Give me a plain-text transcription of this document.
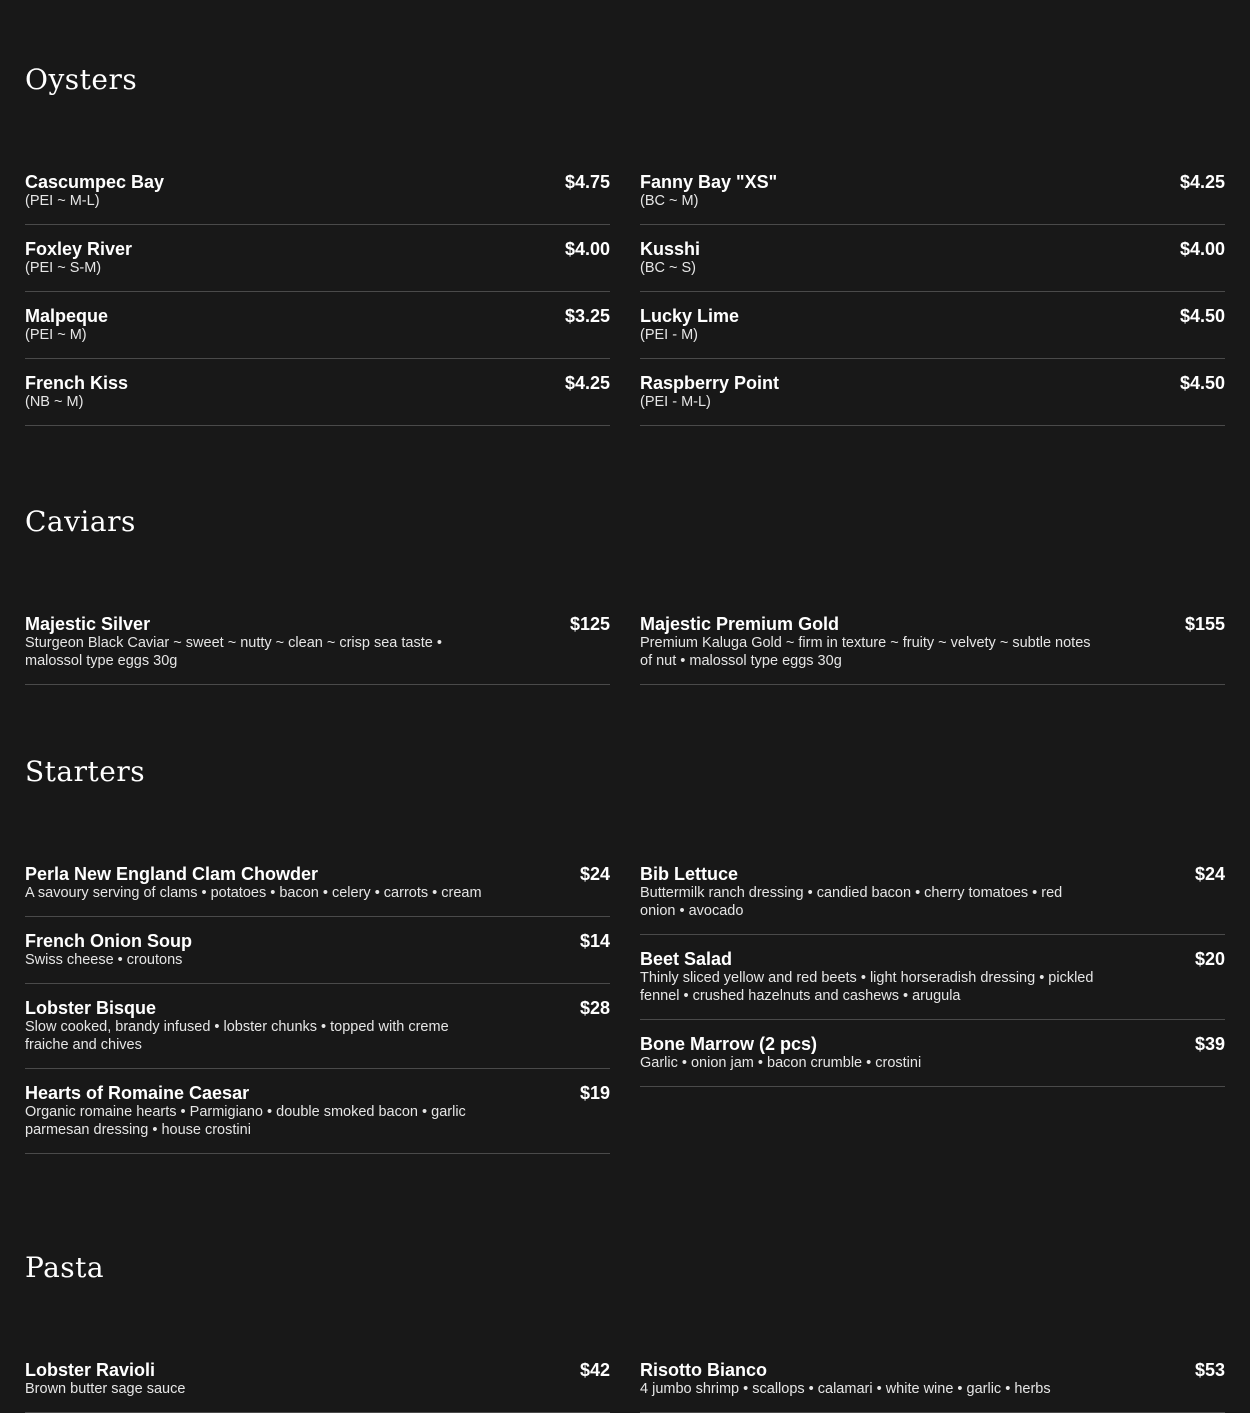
Oysters
Cascumpec Bay
(PEI ~ M-L)
$4.75
Foxley River
(PEI ~ S-M)
$4.00
Malpeque
(PEI ~ M)
$3.25
French Kiss
(NB ~ M)
$4.25
Fanny Bay "XS"
(BC ~ M)
$4.25
Kusshi
(BC ~ S)
$4.00
Lucky Lime
(PEI - M)
$4.50
Raspberry Point
(PEI - M-L)
$4.50
Caviars
Majestic Silver
Sturgeon Black Caviar ~ sweet ~ nutty ~ clean ~ crisp sea taste • malossol type eggs 30g
$125 Majestic Premium Gold
Premium Kaluga Gold ~ firm in texture ~ fruity ~ velvety ~ subtle notes of nut • malossol type eggs 30g
$155
Starters
Perla New England Clam Chowder
A savoury serving of clams • potatoes • bacon • celery • carrots • cream
$24
French Onion Soup
Swiss cheese • croutons
$14
Lobster Bisque
Slow cooked, brandy infused • lobster chunks • topped with creme fraiche and chives
$28
Hearts of Romaine Caesar
Organic romaine hearts • Parmigiano • double smoked bacon • garlic parmesan dressing • house crostini
$19
Bib Lettuce
Buttermilk ranch dressing • candied bacon • cherry tomatoes • red onion • avocado
$24
Beet Salad
Thinly sliced yellow and red beets • light horseradish dressing • pickled fennel • crushed hazelnuts and cashews • arugula
$20
Bone Marrow (2 pcs)
Garlic • onion jam • bacon crumble • crostini
$39
Pasta
Lobster Ravioli
Brown butter sage sauce
$42 Risotto Bianco
4 jumbo shrimp • scallops • calamari • white wine • garlic • herbs
$53
